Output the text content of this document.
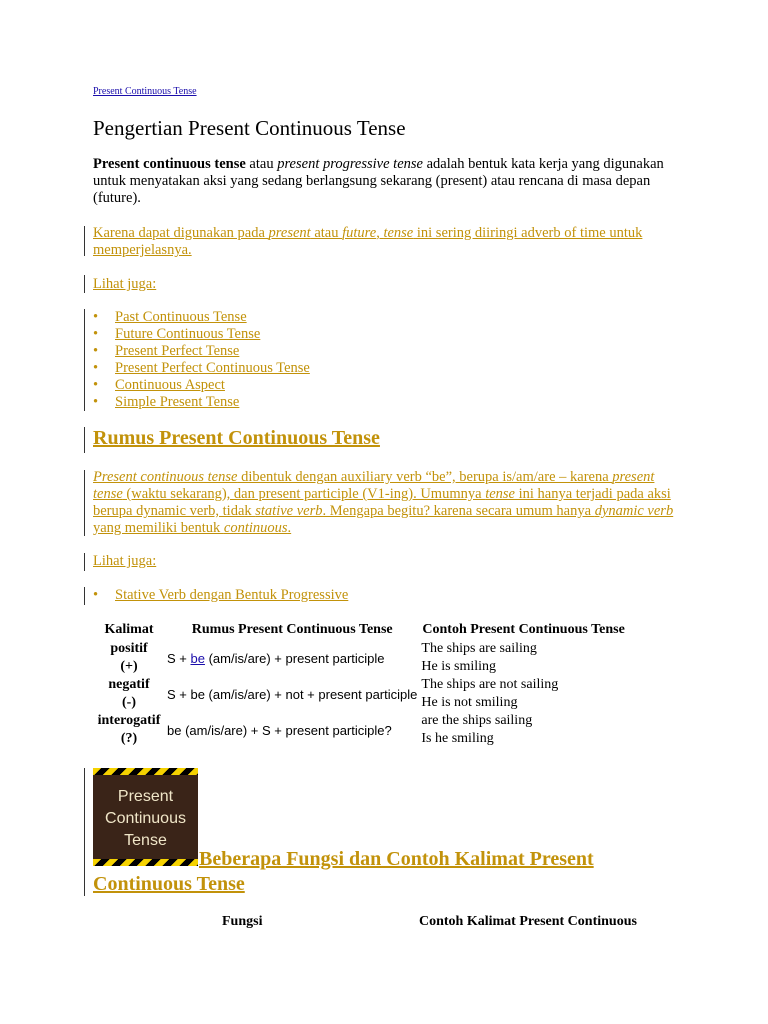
Present Continuous Tense
Pengertian Present Continuous Tense

Present continuous tense atau present progressive tense adalah bentuk kata kerja yang digunakan untuk menyatakan aksi yang sedang berlangsung sekarang (present) atau rencana di masa depan (future).

Karena dapat digunakan pada present atau future, tense ini sering diiringi adverb of time untuk memperjelasnya.

Lihat juga:

• Past Continuous Tense
• Future Continuous Tense
• Present Perfect Tense
• Present Perfect Continuous Tense
• Continuous Aspect
• Simple Present Tense
Rumus Present Continuous Tense

Present continuous tense dibentuk dengan auxiliary verb “be”, berupa is/am/are – karena present tense (waktu sekarang), dan present participle (V1-ing). Umumnya tense ini hanya terjadi pada aksi berupa dynamic verb, tidak stative verb. Mengapa begitu? karena secara umum hanya dynamic verb yang memiliki bentuk continuous.

Lihat juga:

• Stative Verb dengan Bentuk Progressive
Kalimat	Rumus Present Continuous Tense	Contoh Present Continuous Tense
positif
(+)	S + be (am/is/are) + present participle	The ships are sailing
He is smiling
negatif
(-)	S + be (am/is/are) + not + present participle	The ships are not sailing
He is not smiling
interogatif
(?)	be (am/is/are) + S + present participle?	are the ships sailing
Is he smiling
Present
Continuous
Tense
Beberapa Fungsi dan Contoh Kalimat Present
Continuous Tense
Fungsi	Contoh Kalimat Present Continuous
